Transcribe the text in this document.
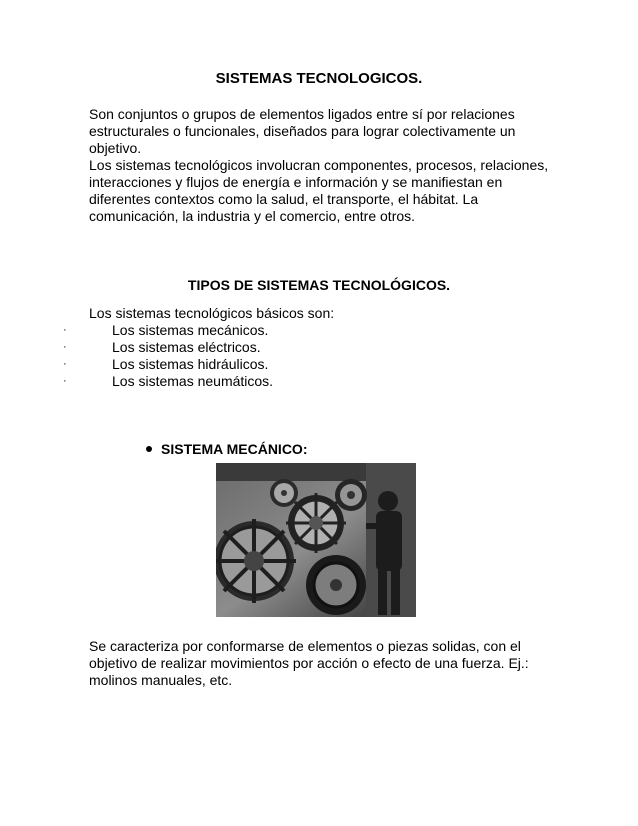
SISTEMAS TECNOLOGICOS.
Son conjuntos o grupos de elementos ligados entre sí por relaciones estructurales o funcionales, diseñados para lograr colectivamente un objetivo.
Los sistemas tecnológicos involucran componentes, procesos, relaciones, interacciones y flujos de energía e información y se manifiestan en diferentes contextos como la salud, el transporte, el hábitat. La comunicación, la industria y el comercio, entre otros.
TIPOS DE SISTEMAS TECNOLÓGICOS.
Los sistemas tecnológicos básicos son:
·	Los sistemas mecánicos.
·	Los sistemas eléctricos.
·	Los sistemas hidráulicos.
·	Los sistemas neumáticos.
SISTEMA MECÁNICO:
Se caracteriza por conformarse de elementos o piezas solidas, con el objetivo de realizar movimientos por acción o efecto de una fuerza. Ej.: molinos manuales, etc.
